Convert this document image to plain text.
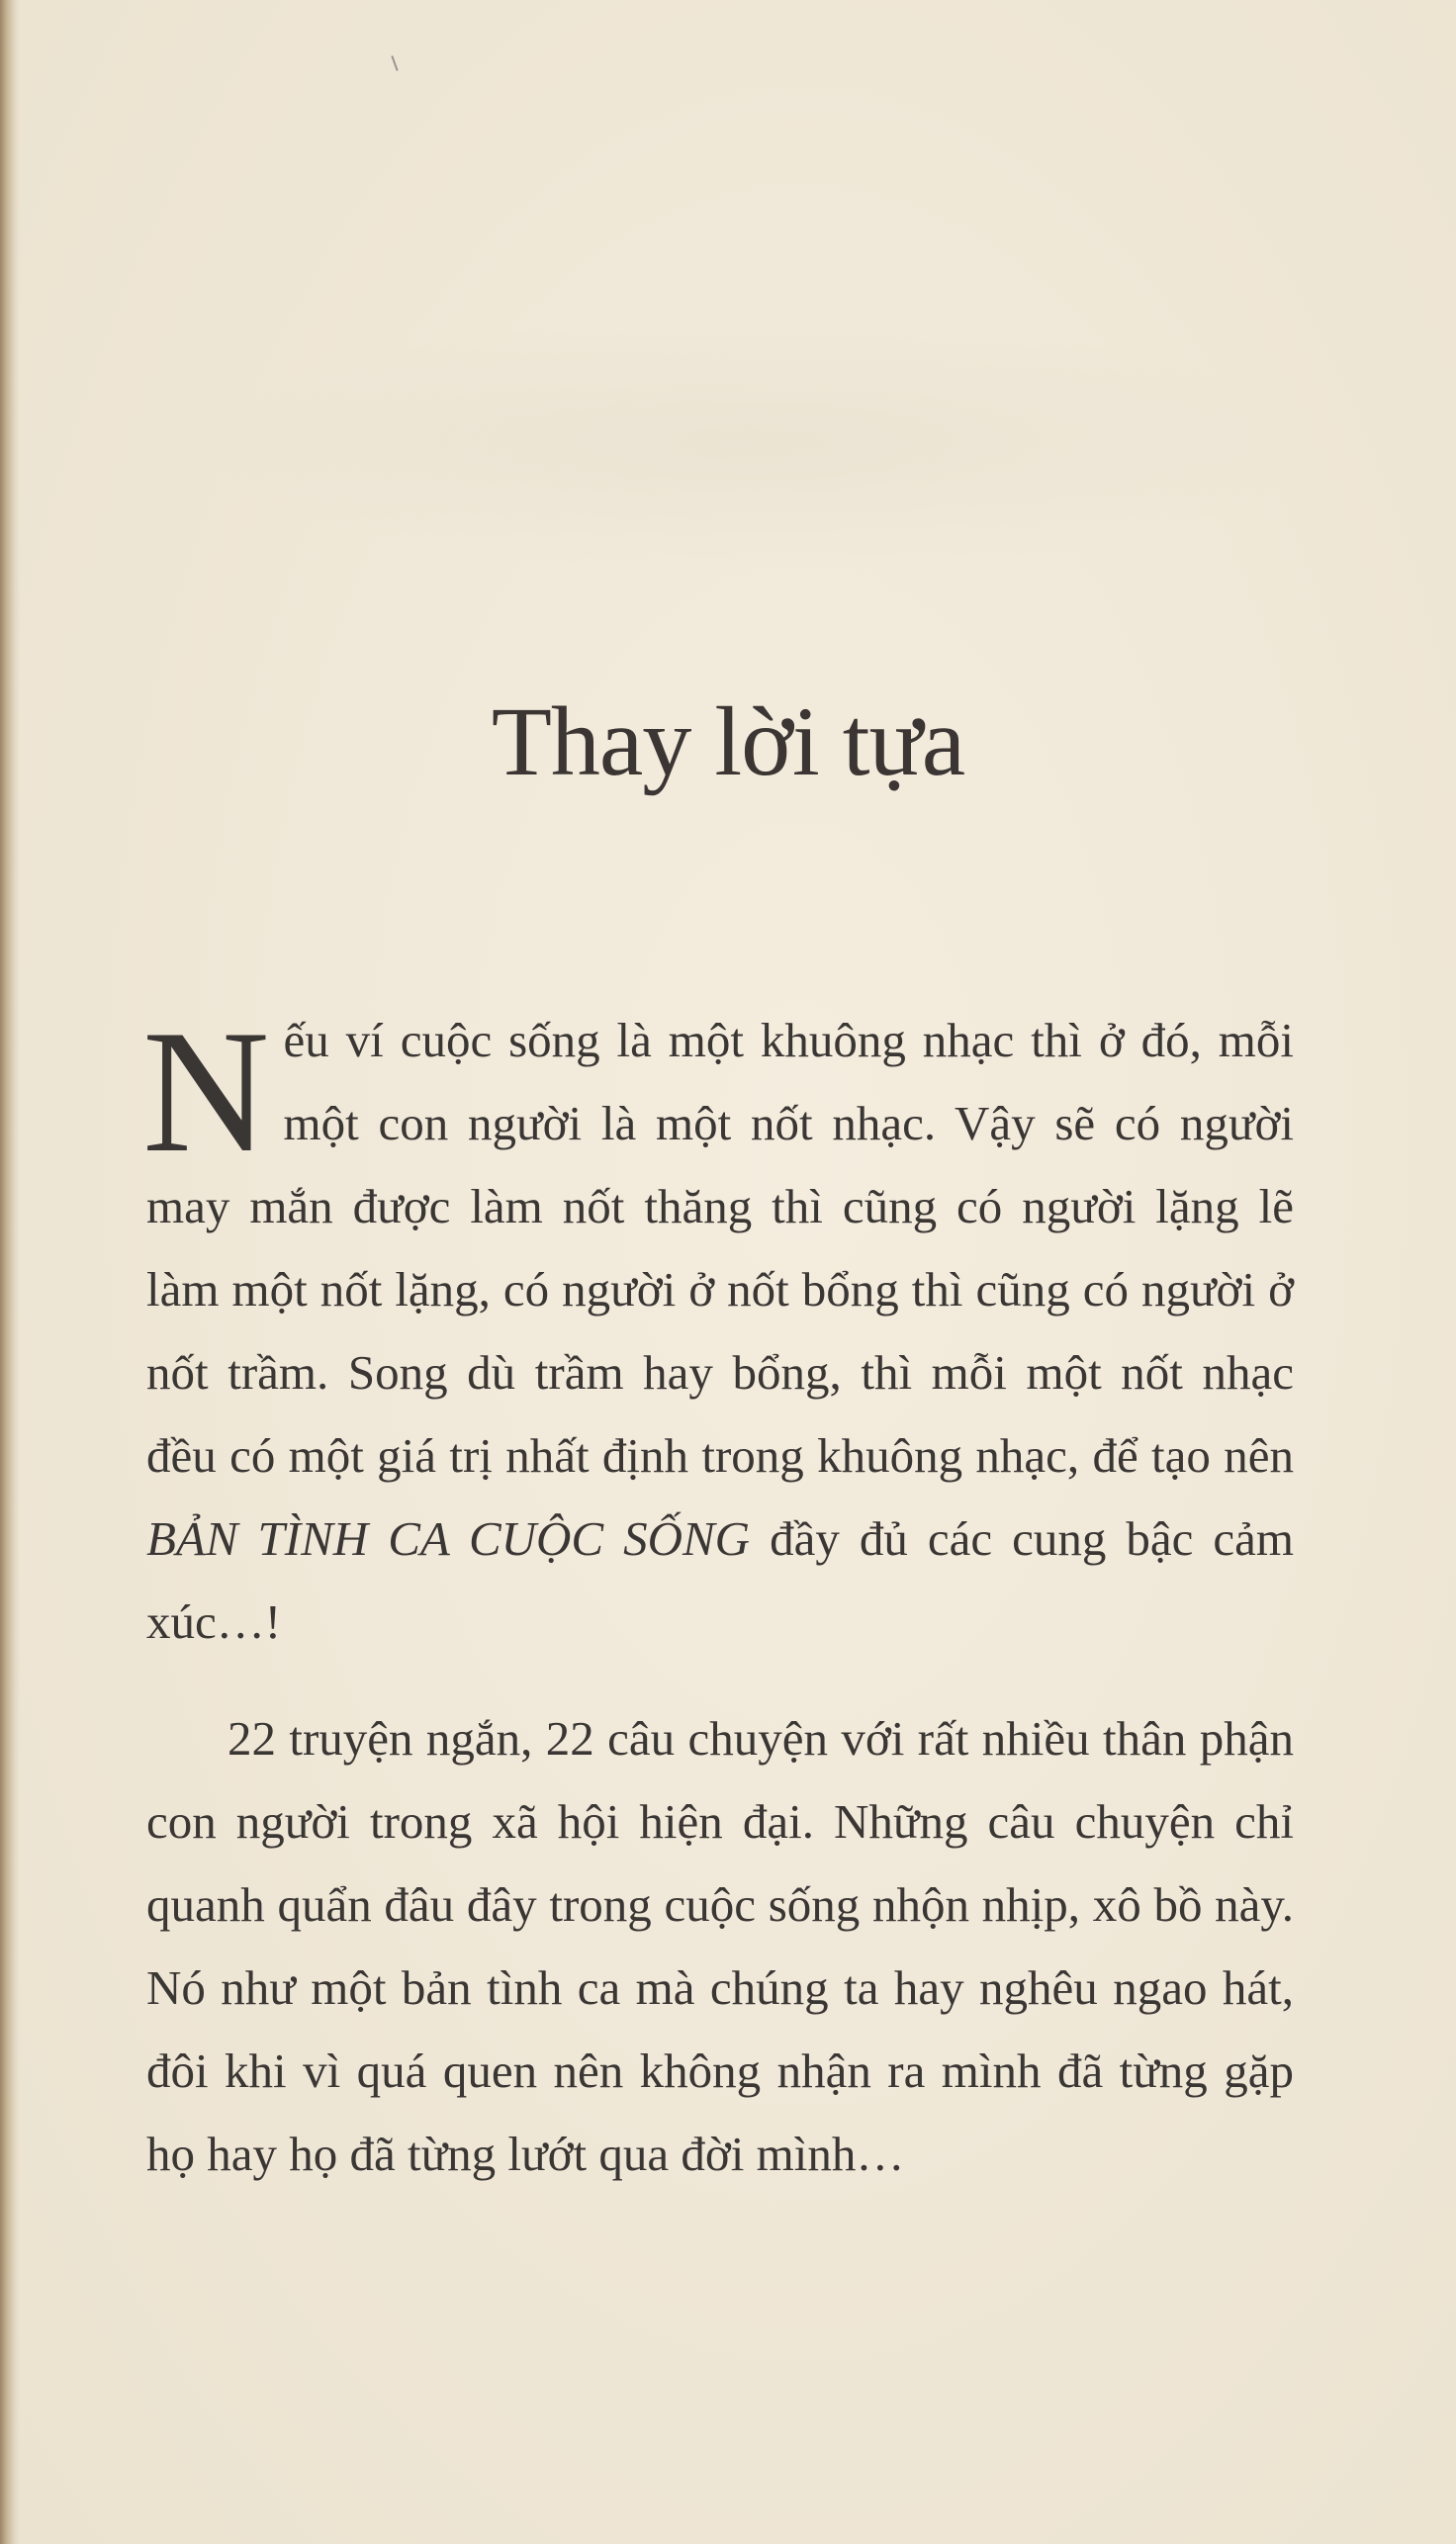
Thay lời tựa

Nếu ví cuộc sống là một khuông nhạc thì ở đó, mỗi một con người là một nốt nhạc. Vậy sẽ có người may mắn được làm nốt thăng thì cũng có người lặng lẽ làm một nốt lặng, có người ở nốt bổng thì cũng có người ở nốt trầm. Song dù trầm hay bổng, thì mỗi một nốt nhạc đều có một giá trị nhất định trong khuông nhạc, để tạo nên BẢN TÌNH CA CUỘC SỐNG đầy đủ các cung bậc cảm xúc…!

22 truyện ngắn, 22 câu chuyện với rất nhiều thân phận con người trong xã hội hiện đại. Những câu chuyện chỉ quanh quẩn đâu đây trong cuộc sống nhộn nhịp, xô bồ này. Nó như một bản tình ca mà chúng ta hay nghêu ngao hát, đôi khi vì quá quen nên không nhận ra mình đã từng gặp họ hay họ đã từng lướt qua đời mình…
